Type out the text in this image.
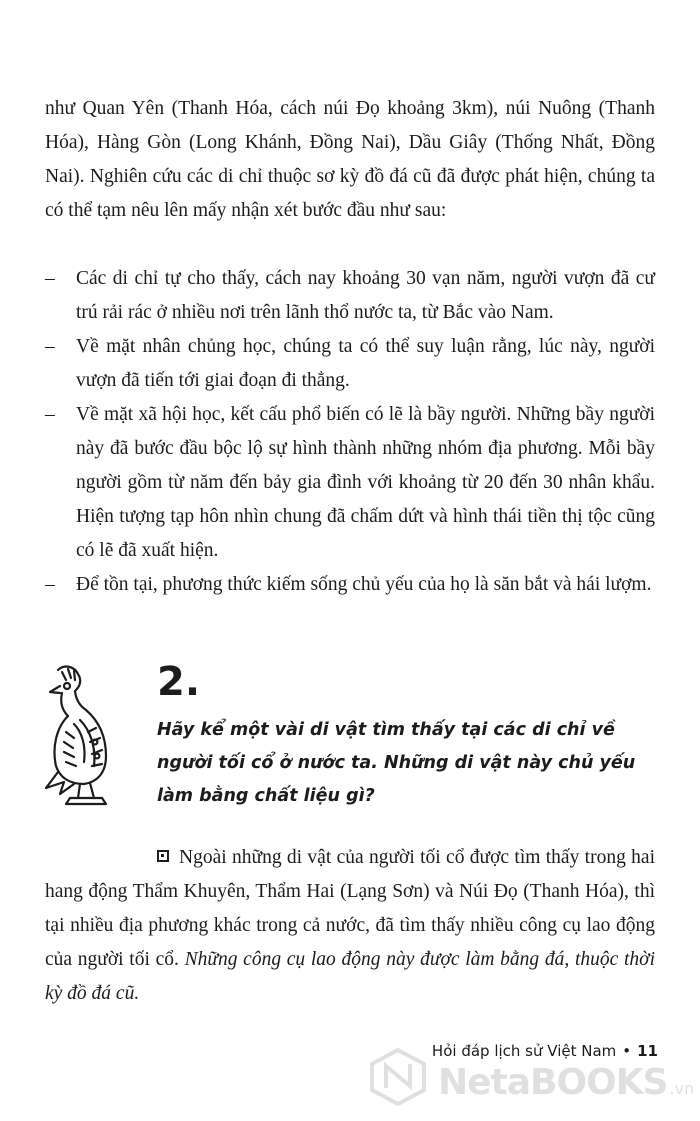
như Quan Yên (Thanh Hóa, cách núi Đọ khoảng 3km), núi Nuông (Thanh Hóa), Hàng Gòn (Long Khánh, Đồng Nai), Dầu Giây (Thống Nhất, Đồng Nai). Nghiên cứu các di chỉ thuộc sơ kỳ đồ đá cũ đã được phát hiện, chúng ta có thể tạm nêu lên mấy nhận xét bước đầu như sau:

– Các di chỉ tự cho thấy, cách nay khoảng 30 vạn năm, người vượn đã cư trú rải rác ở nhiều nơi trên lãnh thổ nước ta, từ Bắc vào Nam.
– Về mặt nhân chủng học, chúng ta có thể suy luận rằng, lúc này, người vượn đã tiến tới giai đoạn đi thẳng.
– Về mặt xã hội học, kết cấu phổ biến có lẽ là bầy người. Những bầy người này đã bước đầu bộc lộ sự hình thành những nhóm địa phương. Mỗi bầy người gồm từ năm đến bảy gia đình với khoảng từ 20 đến 30 nhân khẩu. Hiện tượng tạp hôn nhìn chung đã chấm dứt và hình thái tiền thị tộc cũng có lẽ đã xuất hiện.
– Để tồn tại, phương thức kiếm sống chủ yếu của họ là săn bắt và hái lượm.
2.
Hãy kể một vài di vật tìm thấy tại các di chỉ về người tối cổ ở nước ta. Những di vật này chủ yếu làm bằng chất liệu gì?

Ngoài những di vật của người tối cổ được tìm thấy trong hai hang động Thẩm Khuyên, Thẩm Hai (Lạng Sơn) và Núi Đọ (Thanh Hóa), thì tại nhiều địa phương khác trong cả nước, đã tìm thấy nhiều công cụ lao động của người tối cổ. Những công cụ lao động này được làm bằng đá, thuộc thời kỳ đồ đá cũ.

NetaBOOKS .vn
Hỏi đáp lịch sử Việt Nam • 11
